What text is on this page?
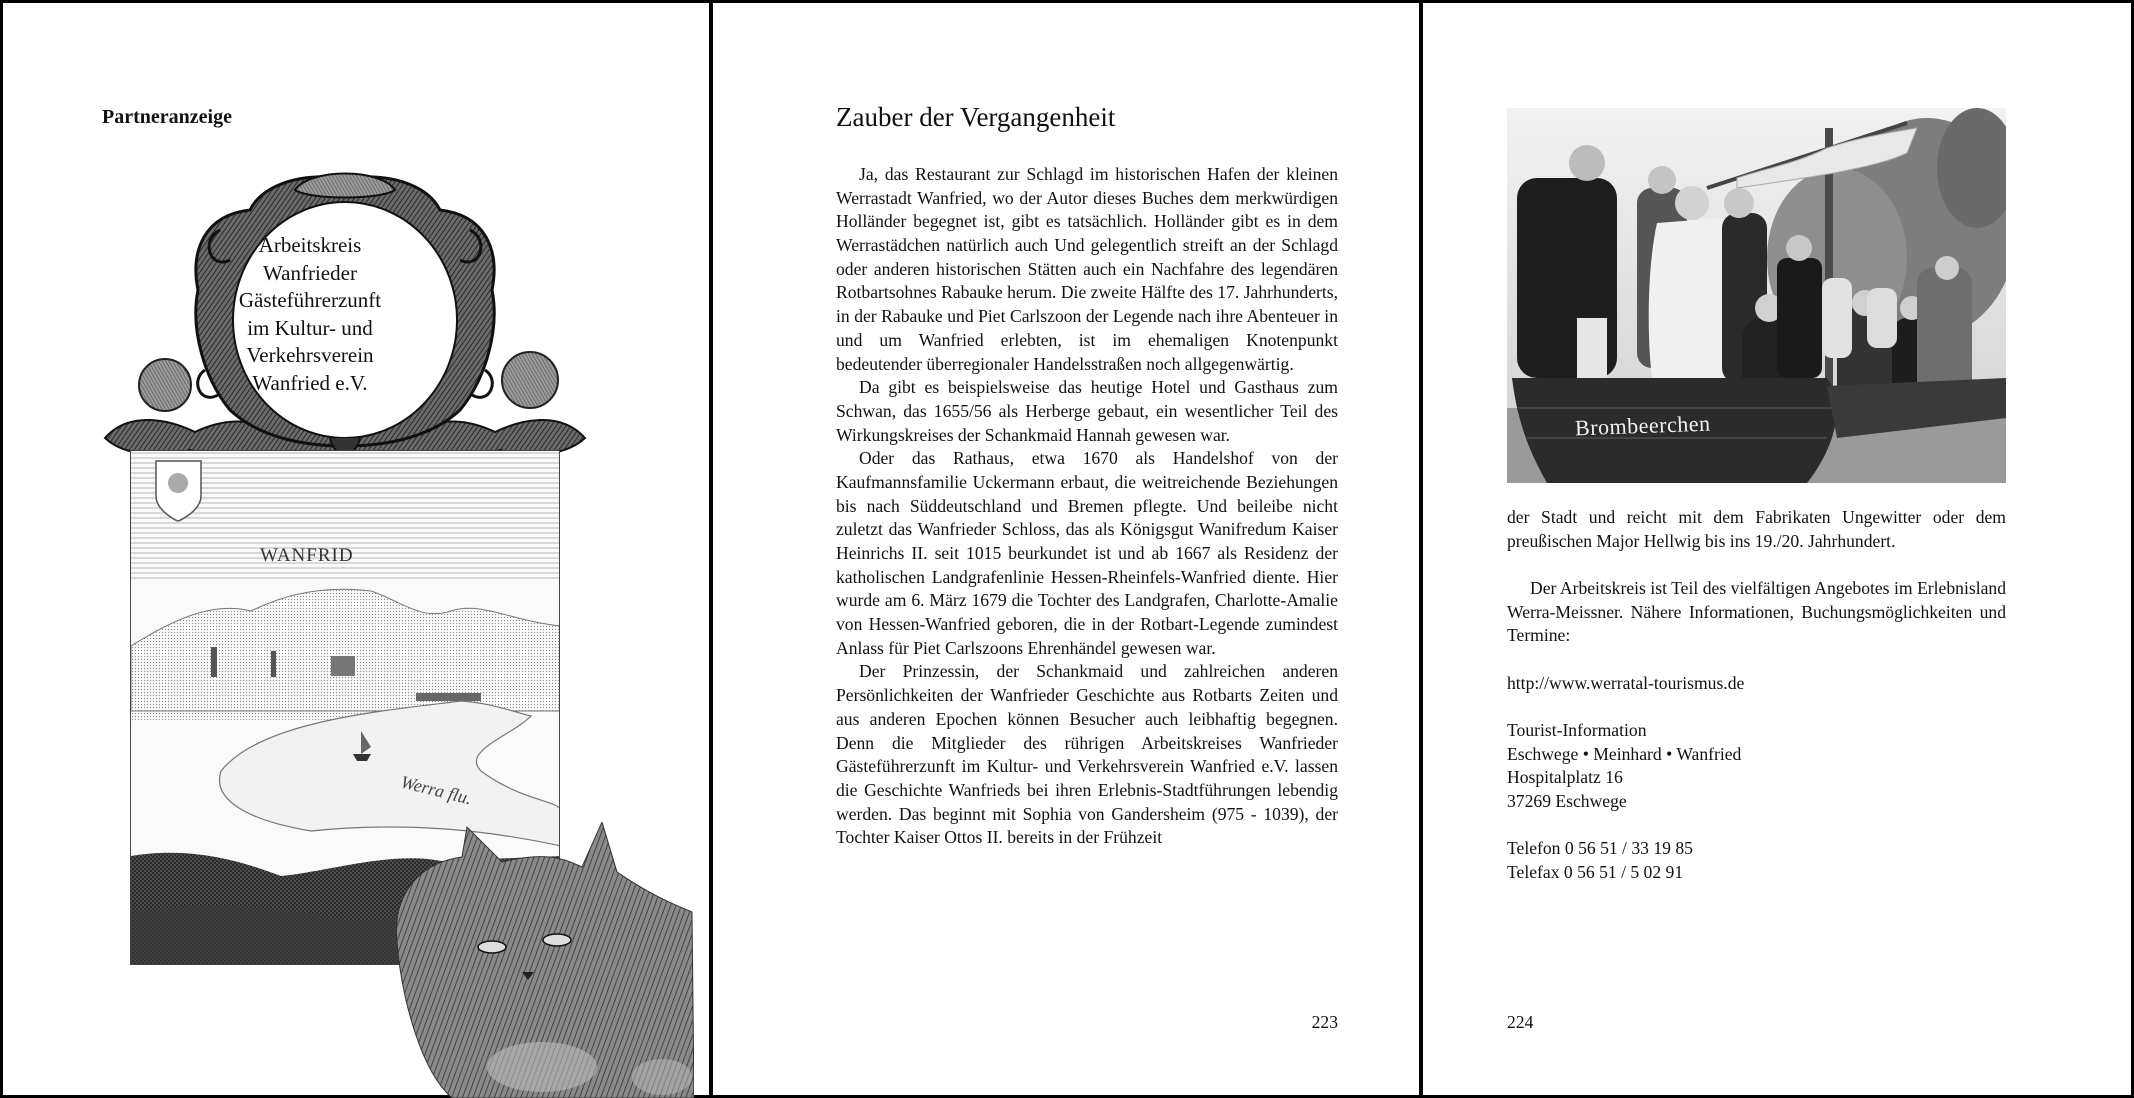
Partneranzeige
Arbeitskreis
Wanfrieder
Gästeführerzunft
im Kultur- und
Verkehrsverein
Wanfried e.V.
WANFRID
Werra flu.
Zauber der Vergangenheit

Ja, das Restaurant zur Schlagd im historischen Hafen der kleinen Werrastadt Wanfried, wo der Autor dieses Buches dem merkwürdigen Holländer begegnet ist, gibt es tatsächlich. Holländer gibt es in dem Werrastädchen natürlich auch Und gelegentlich streift an der Schlagd oder anderen historischen Stätten auch ein Nachfahre des legendären Rotbartsohnes Rabauke herum. Die zweite Hälfte des 17. Jahrhunderts, in der Rabauke und Piet Carlszoon der Legende nach ihre Abenteuer in und um Wanfried erlebten, ist im ehemaligen Knotenpunkt bedeutender überregionaler Handelsstraßen noch allgegenwärtig.

Da gibt es beispielsweise das heutige Hotel und Gasthaus zum Schwan, das 1655/56 als Herberge gebaut, ein wesentlicher Teil des Wirkungskreises der Schankmaid Hannah gewesen war.

Oder das Rathaus, etwa 1670 als Handelshof von der Kaufmannsfamilie Uckermann erbaut, die weitreichende Beziehungen bis nach Süddeutschland und Bremen pflegte. Und beileibe nicht zuletzt das Wanfrieder Schloss, das als Königsgut Wanifredum Kaiser Heinrichs II. seit 1015 beurkundet ist und ab 1667 als Residenz der katholischen Landgrafenlinie Hessen-Rheinfels-Wanfried diente. Hier wurde am 6. März 1679 die Tochter des Landgrafen, Charlotte-Amalie von Hessen-Wanfried geboren, die in der Rotbart-Legende zumindest Anlass für Piet Carlszoons Ehrenhändel gewesen war.

Der Prinzessin, der Schankmaid und zahlreichen anderen Persönlichkeiten der Wanfrieder Geschichte aus Rotbarts Zeiten und aus anderen Epochen können Besucher auch leibhaftig begegnen. Denn die Mitglieder des rührigen Arbeitskreises Wanfrieder Gästeführerzunft im Kultur- und Verkehrsverein Wanfried e.V. lassen die Geschichte Wanfrieds bei ihren Erlebnis-Stadtführungen lebendig werden. Das beginnt mit Sophia von Gandersheim (975 - 1039), der Tochter Kaiser Ottos II. bereits in der Frühzeit

223
Brombeerchen

der Stadt und reicht mit dem Fabrikaten Ungewitter oder dem preußischen Major Hellwig bis ins 19./20. Jahrhundert.

Der Arbeitskreis ist Teil des vielfältigen Angebotes im Erlebnisland Werra-Meissner. Nähere Informationen, Buchungsmöglichkeiten und Termine:

http://www.werratal-tourismus.de
Tourist-Information
Eschwege • Meinhard • Wanfried
Hospitalplatz 16
37269 Eschwege
Telefon 0 56 51 / 33 19 85
Telefax 0 56 51 / 5 02 91
224
